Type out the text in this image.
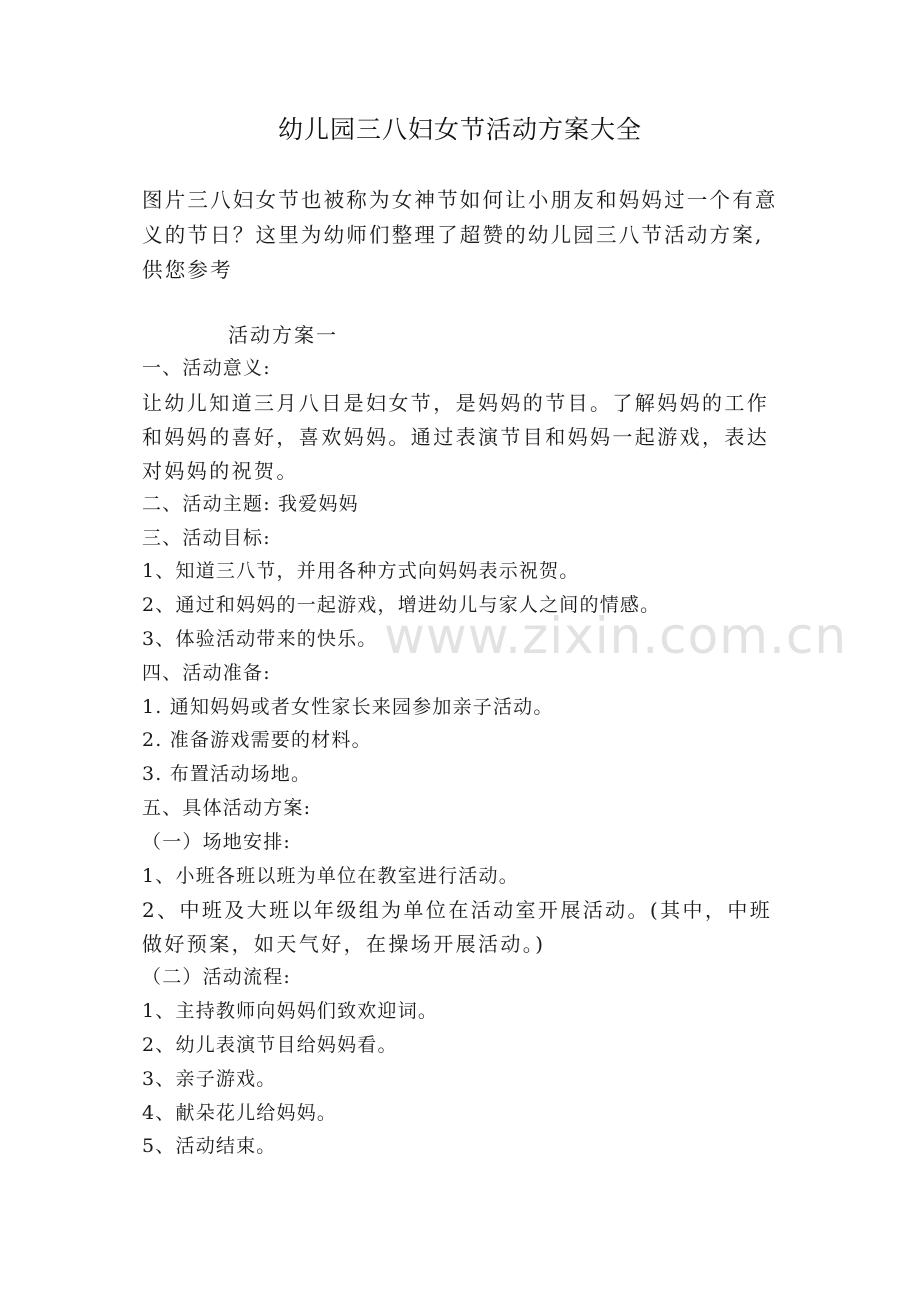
幼儿园三八妇女节活动方案大全
图片三八妇女节也被称为女神节如何让小朋友和妈妈过一个有意义的节日？这里为幼师们整理了超赞的幼儿园三八节活动方案,供您参考
活动方案一
一、活动意义:
让幼儿知道三月八日是妇女节，是妈妈的节目。了解妈妈的工作和妈妈的喜好，喜欢妈妈。通过表演节目和妈妈一起游戏，表达对妈妈的祝贺。
二、活动主题: 我爱妈妈
三、活动目标:
1、知道三八节，并用各种方式向妈妈表示祝贺。
2、通过和妈妈的一起游戏，增进幼儿与家人之间的情感。
3、体验活动带来的快乐。
四、活动准备:
1. 通知妈妈或者女性家长来园参加亲子活动。
2. 准备游戏需要的材料。
3. 布置活动场地。
五、具体活动方案:
（一）场地安排:
1、小班各班以班为单位在教室进行活动。
2、中班及大班以年级组为单位在活动室开展活动。(其中，中班做好预案，如天气好，在操场开展活动。)
（二）活动流程:
1、主持教师向妈妈们致欢迎词。
2、幼儿表演节目给妈妈看。
3、亲子游戏。
4、献朵花儿给妈妈。
5、活动结束。
www.zixin.com.cn
